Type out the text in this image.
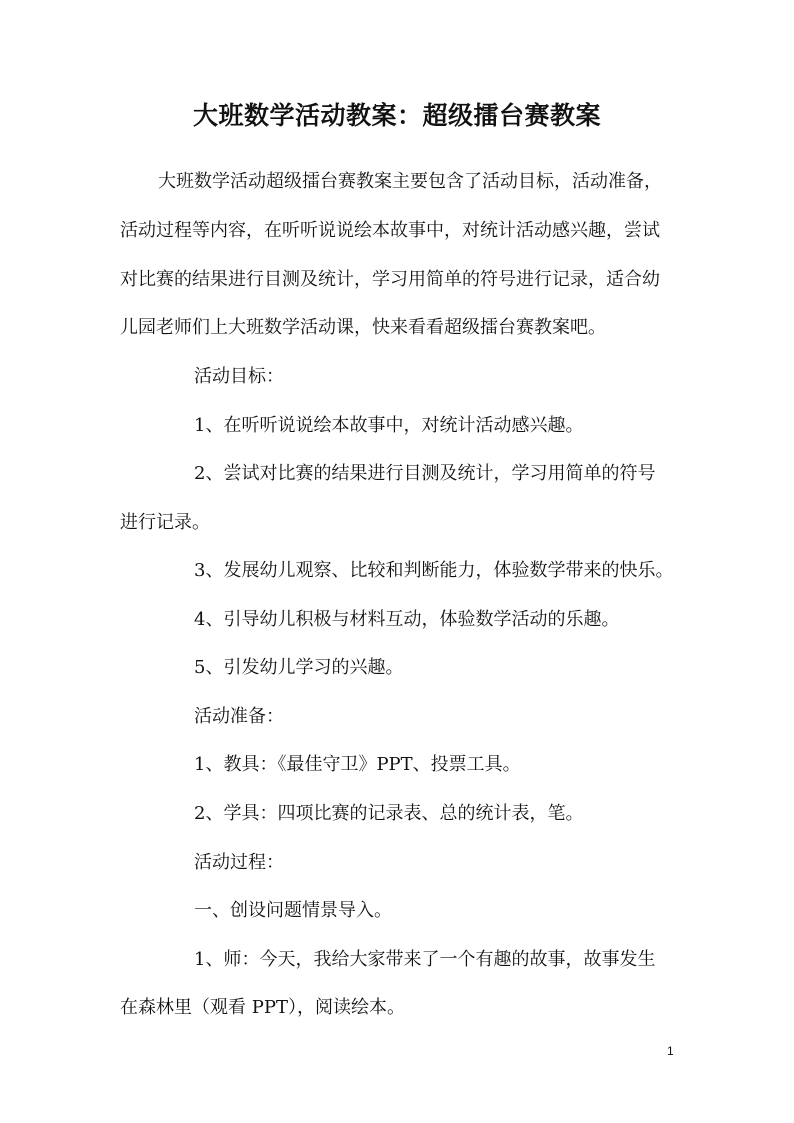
大班数学活动教案：超级擂台赛教案
大班数学活动超级擂台赛教案主要包含了活动目标，活动准备，
活动过程等内容，在听听说说绘本故事中，对统计活动感兴趣，尝试
对比赛的结果进行目测及统计，学习用简单的符号进行记录，适合幼
儿园老师们上大班数学活动课，快来看看超级擂台赛教案吧。
活动目标：
1、在听听说说绘本故事中，对统计活动感兴趣。
2、尝试对比赛的结果进行目测及统计，学习用简单的符号
进行记录。
3、发展幼儿观察、比较和判断能力，体验数学带来的快乐。
4、引导幼儿积极与材料互动，体验数学活动的乐趣。
5、引发幼儿学习的兴趣。
活动准备：
1、教具：《最佳守卫》PPT、投票工具。
2、学具：四项比赛的记录表、总的统计表，笔。
活动过程：
一、创设问题情景导入。
1、师：今天，我给大家带来了一个有趣的故事，故事发生
在森林里（观看 PPT），阅读绘本。
1
